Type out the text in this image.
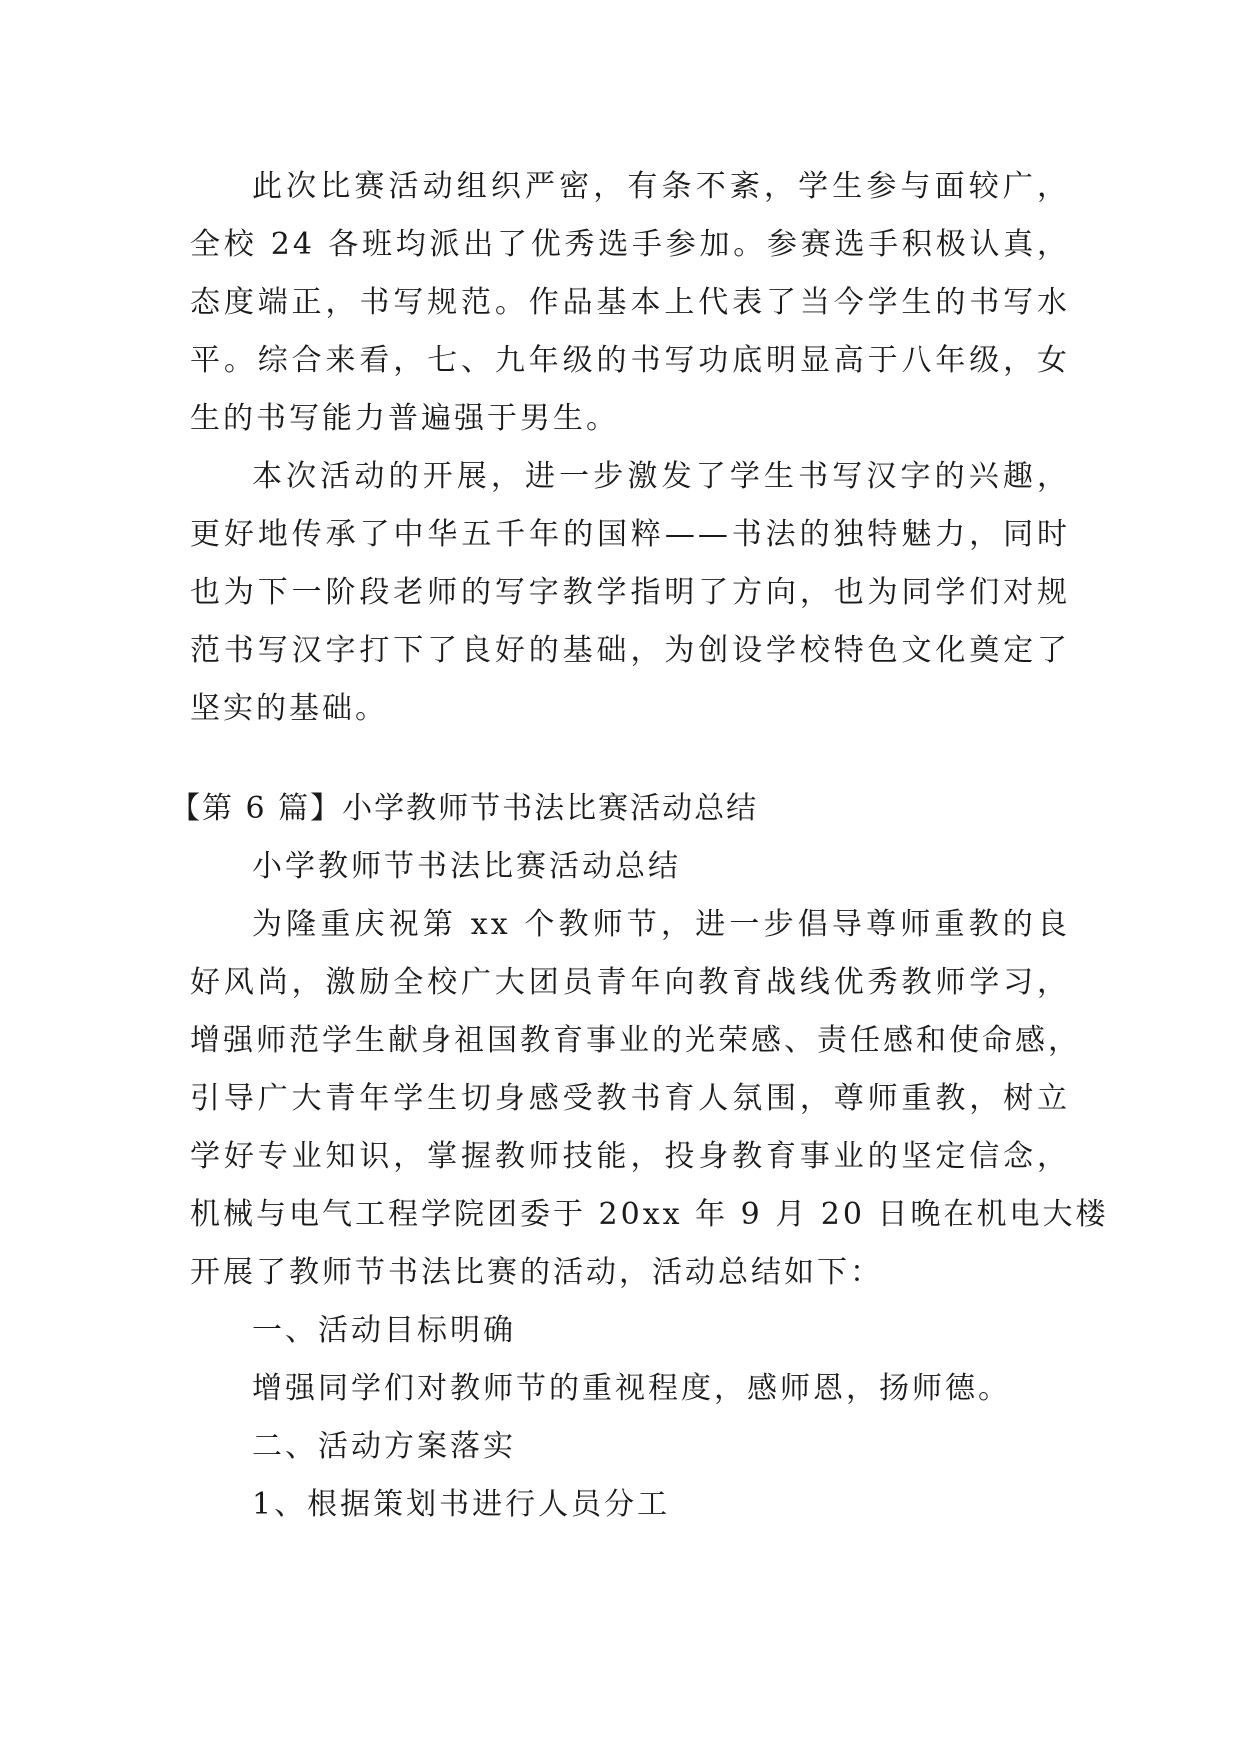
此次比赛活动组织严密，有条不紊，学生参与面较广，
全校 24 各班均派出了优秀选手参加。参赛选手积极认真，
态度端正，书写规范。作品基本上代表了当今学生的书写水
平。综合来看，七、九年级的书写功底明显高于八年级，女
生的书写能力普遍强于男生。
本次活动的开展，进一步激发了学生书写汉字的兴趣，
更好地传承了中华五千年的国粹——书法的独特魅力，同时
也为下一阶段老师的写字教学指明了方向，也为同学们对规
范书写汉字打下了良好的基础，为创设学校特色文化奠定了
坚实的基础。
【第 6 篇】小学教师节书法比赛活动总结
小学教师节书法比赛活动总结
为隆重庆祝第 xx 个教师节，进一步倡导尊师重教的良
好风尚，激励全校广大团员青年向教育战线优秀教师学习，
增强师范学生献身祖国教育事业的光荣感、责任感和使命感，
引导广大青年学生切身感受教书育人氛围，尊师重教，树立
学好专业知识，掌握教师技能，投身教育事业的坚定信念，
机械与电气工程学院团委于 20xx 年 9 月 20 日晚在机电大楼
开展了教师节书法比赛的活动，活动总结如下：
一、活动目标明确
增强同学们对教师节的重视程度，感师恩，扬师德。
二、活动方案落实
1、根据策划书进行人员分工
